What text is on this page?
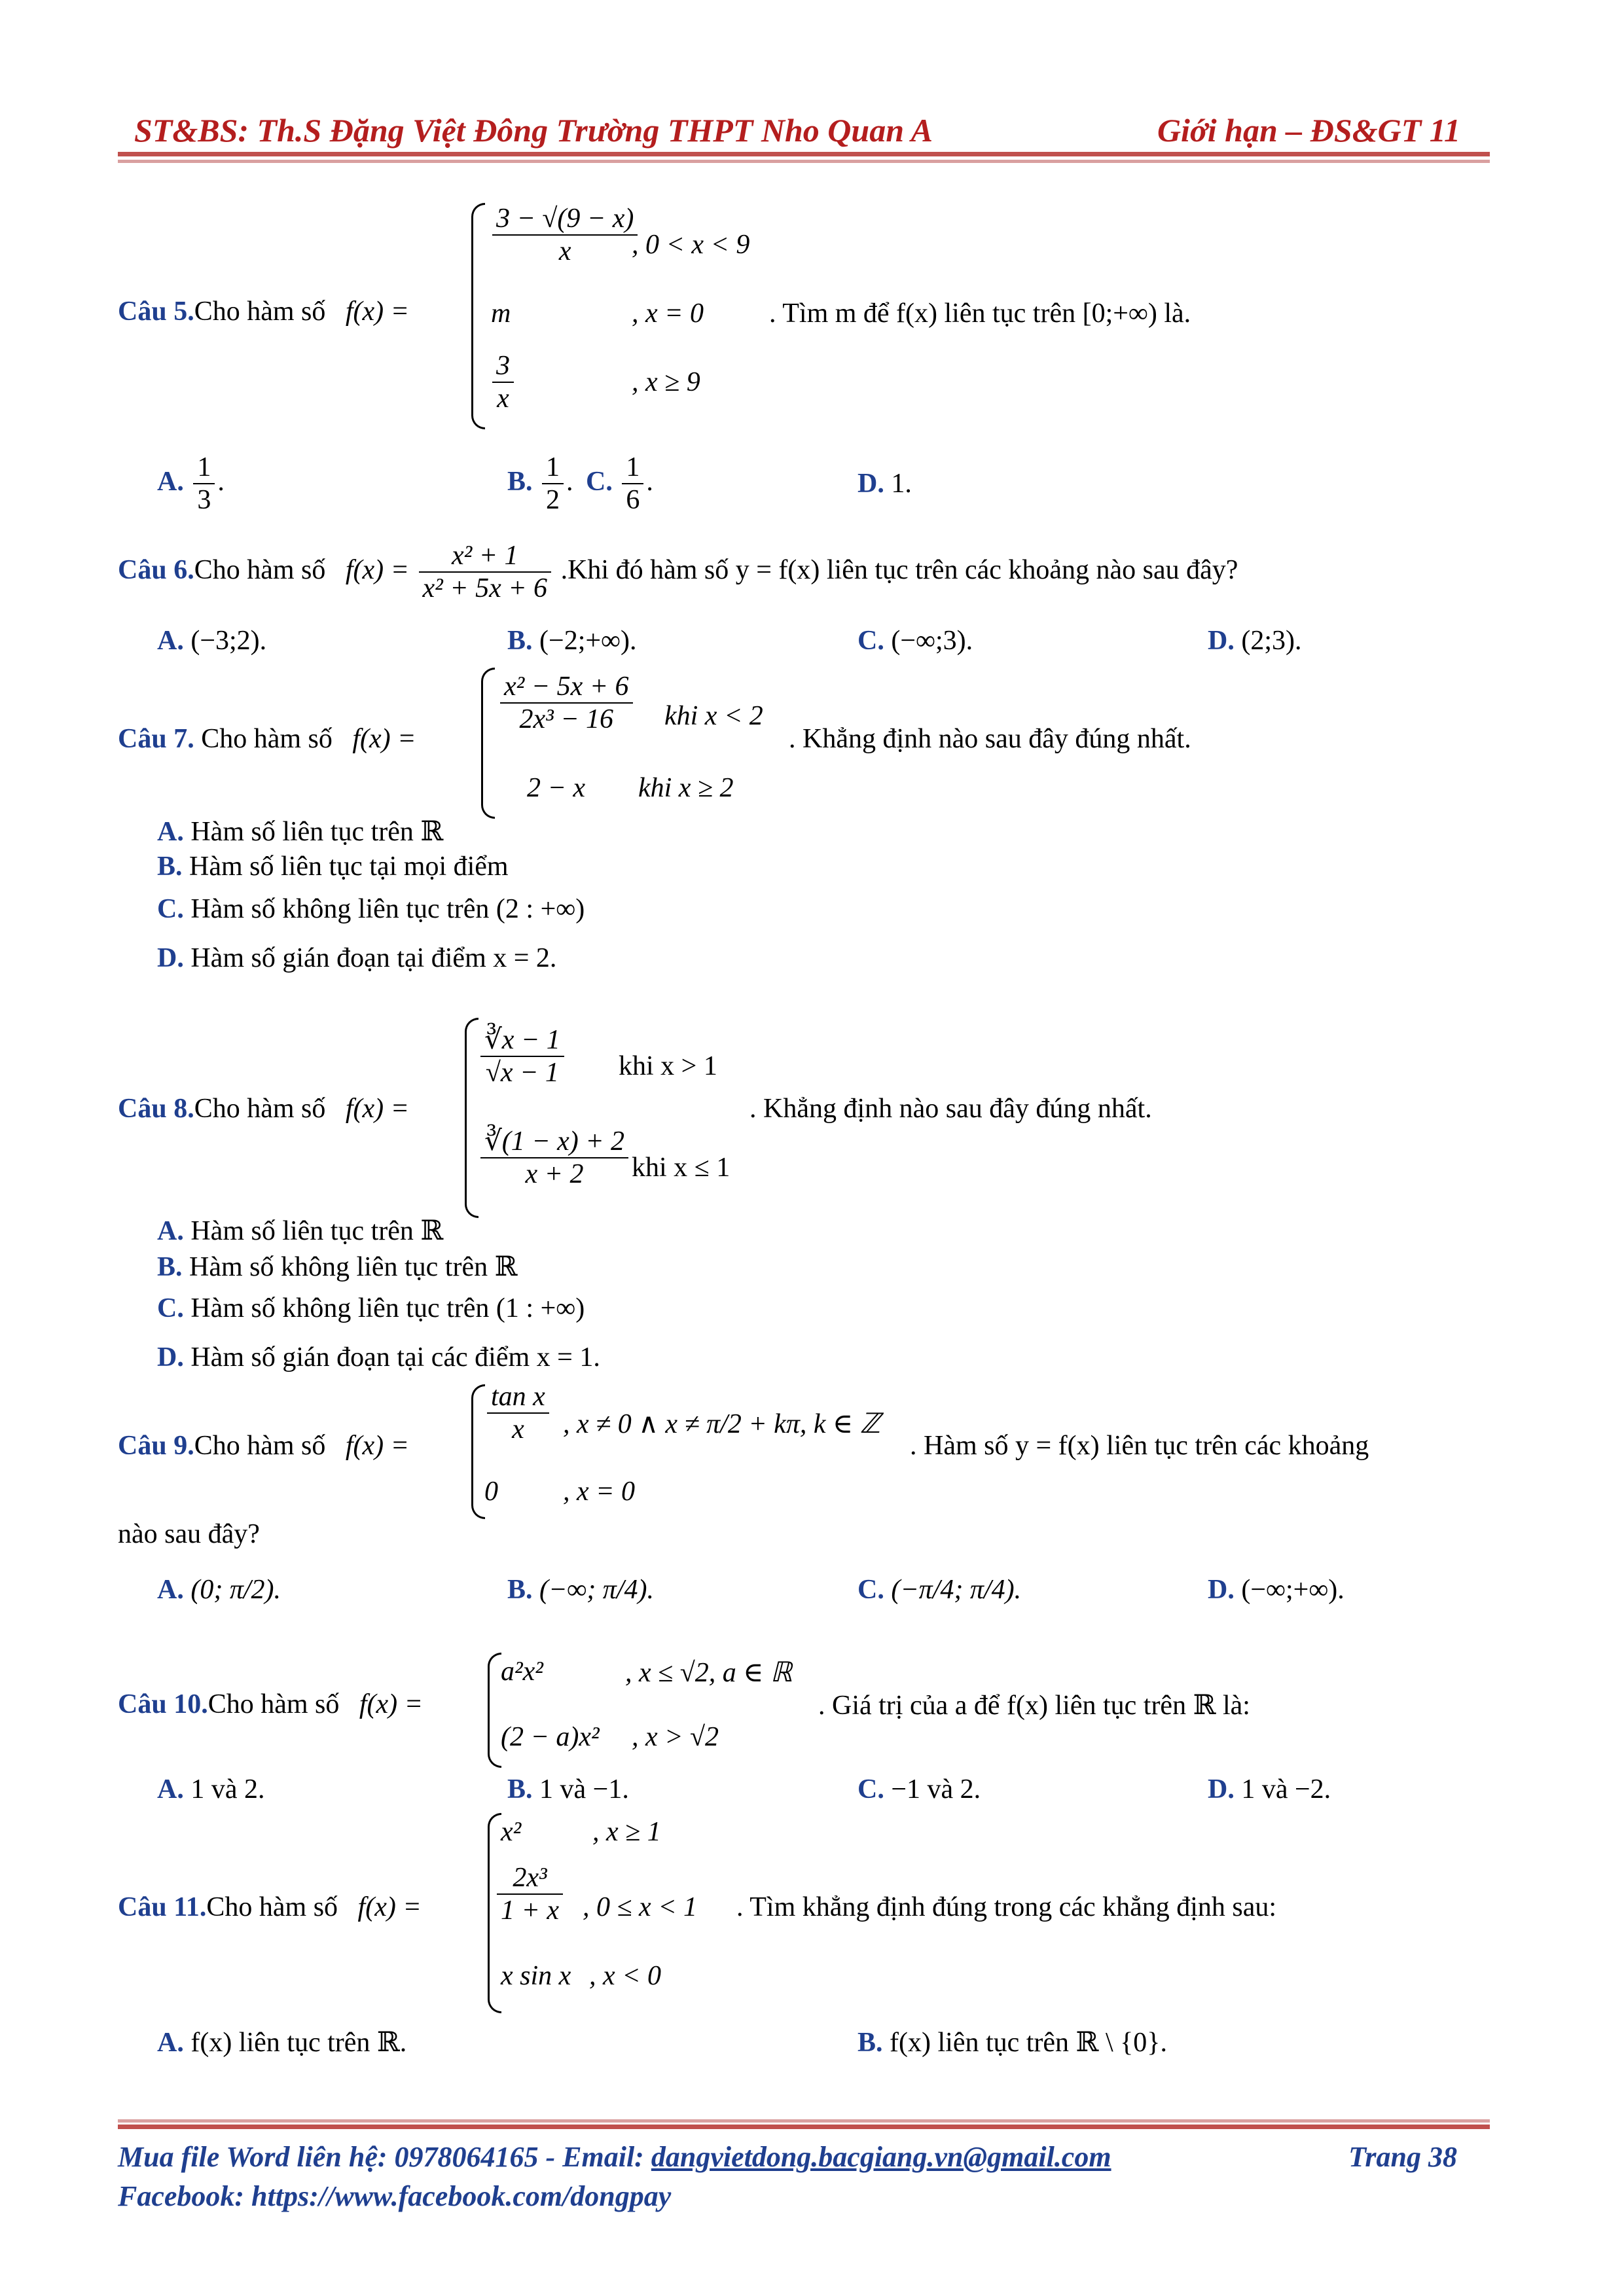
ST&BS: Th.S Đặng Việt Đông Trường THPT Nho Quan A	Giới hạn – ĐS&GT 11
Câu 5.Cho hàm số f(x) =
$\frac{3 - √(9 - x)}{x}$
, 0 < x < 9
m	, x = 0
$\frac{3}{x}$	, x ≥ 9
. Tìm m để f(x) liên tục trên [0;+∞) là.
A. $\frac{1}{3}$ .	B. $\frac{1}{2}$ . C. $\frac{1}{6}$ .	D. 1.
Câu 6.Cho hàm số $f(x) = \frac{\text{x² + 1}}{\text{x² + 5x + 6}} .Khi$ đó hàm số y = f(x) liên tục trên các khoảng nào sau đây?
A. (−3;2).	B. (−2;+∞).	C. (−∞;3).	D. (2;3).
Câu 7. Cho hàm số f(x) =
$\frac{\text{x² − 5x + 6}}{\text{2x³ − 16}}$ khi x < 2
2 − x khi x ≥ 2
. Khẳng định nào sau đây đúng nhất.
A. Hàm số liên tục trên ℝ
B. Hàm số liên tục tại mọi điểm
C. Hàm số không liên tục trên (2 : +∞)
D. Hàm số gián đoạn tại điểm x = 2.
Câu 8.Cho hàm số f(x) =
$\frac{∛x - 1}{√x - 1}$ khi x > 1
$\frac{∛(1 - x) + 2}{x + 2}$ khi x ≤ 1
. Khẳng định nào sau đây đúng nhất.
A. Hàm số liên tục trên ℝ
B. Hàm số không liên tục trên ℝ
C. Hàm số không liên tục trên (1 : +∞)
D. Hàm số gián đoạn tại các điểm x = 1.
Câu 9.Cho hàm số f(x) =
$\frac{\text{tan x}}{x}$ , x ≠ 0 ∧ x ≠ π/2 + kπ, k ∈ ℤ
0 , x = 0
. Hàm số y = f(x) liên tục trên các khoảng
nào sau đây?
A. (0; π/2).	B. (−∞; π/4).	C. (−π/4; π/4).	D. (−∞;+∞).
Câu 10.Cho hàm số f(x) =
a²x²	, x ≤ √2, a ∈ ℝ
(2 − a)x² , x > √2
. Giá trị của a để f(x) liên tục trên ℝ là:
A. 1 và 2.	B. 1 và −1.	C. −1 và 2.	D. 1 và −2.
Câu 11.Cho hàm số f(x) =
x²	, x ≥ 1
$\frac{\text{2x³}}{1 + x}$ , 0 ≤ x < 1
x sin x , x < 0
. Tìm khẳng định đúng trong các khẳng định sau:
A. f(x) liên tục trên ℝ.	B. f(x) liên tục trên ℝ \ {0}.
Mua file Word liên hệ: 0978064165 - Email: dangvietdong.bacgiang.vn@gmail.com	Trang 38
Facebook: https://www.facebook.com/dongpay
